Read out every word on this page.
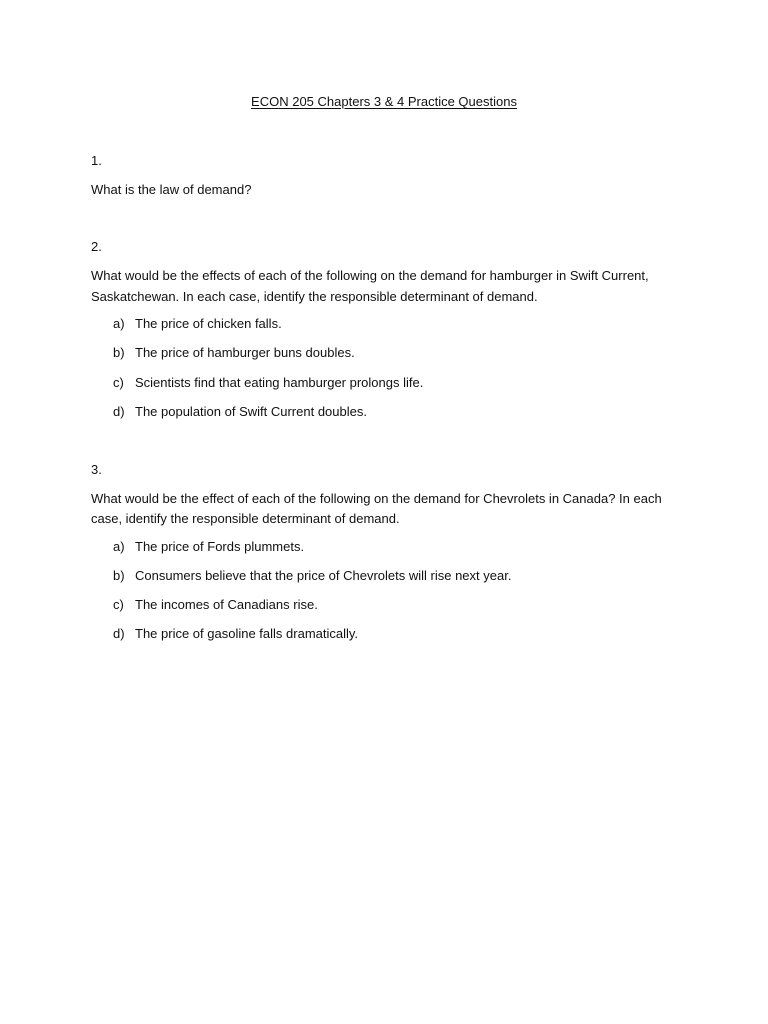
ECON 205 Chapters 3 & 4 Practice Questions
1.
What is the law of demand?
2.
What would be the effects of each of the following on the demand for hamburger in Swift Current,
Saskatchewan. In each case, identify the responsible determinant of demand.
a) The price of chicken falls.
b) The price of hamburger buns doubles.
c) Scientists find that eating hamburger prolongs life.
d) The population of Swift Current doubles.
3.
What would be the effect of each of the following on the demand for Chevrolets in Canada? In each
case, identify the responsible determinant of demand.
a) The price of Fords plummets.
b) Consumers believe that the price of Chevrolets will rise next year.
c) The incomes of Canadians rise.
d) The price of gasoline falls dramatically.
